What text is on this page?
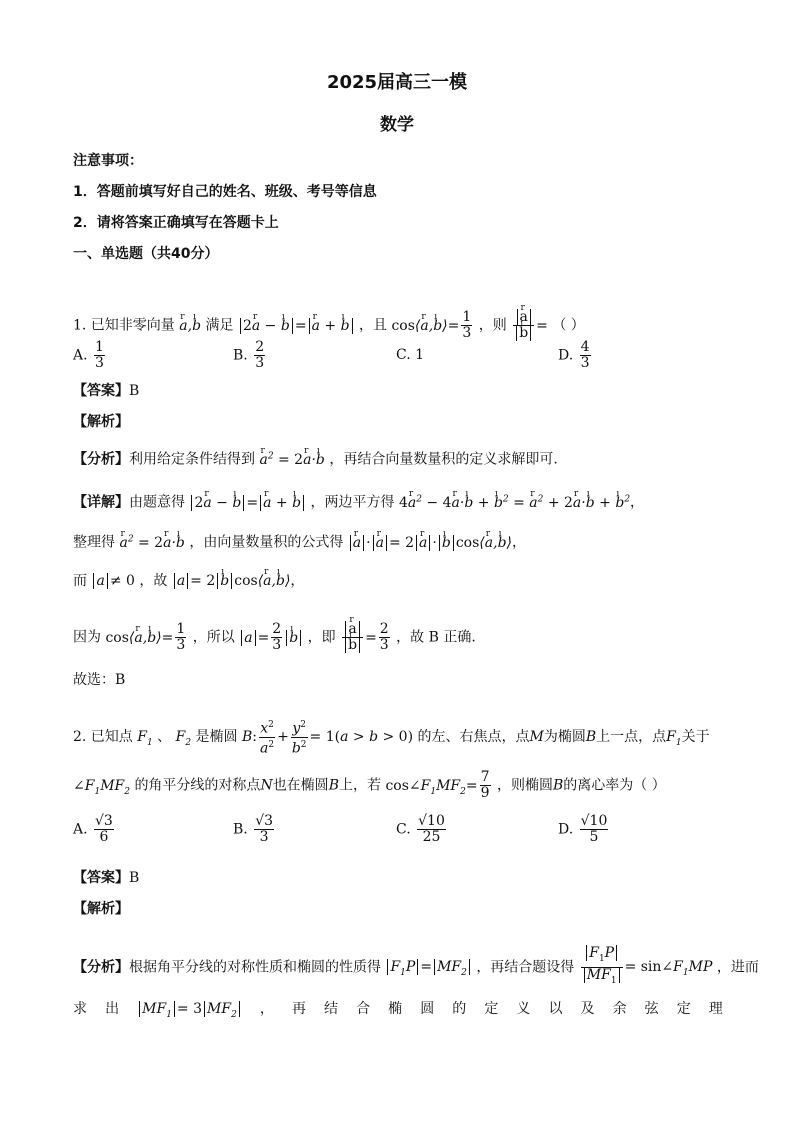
2025届高三一模
数学
注意事项：
1．答题前填写好自己的姓名、班级、考号等信息
2．请将答案正确填写在答题卡上
一、单选题（共40分）
1. 已知非零向量 r a,ı b 满足 2r a − ı b = r a + ı b ，且 cos⟨r a,ı b⟩= $\frac{1}{3}$ ，则 r a
ı b = （ ）
A. $\frac{1}{3}$	B. $\frac{2}{3}$	C. 1	D. $\frac{4}{3}$
【答案】B
【解析】
【分析】利用给定条件结得到 r $a^2 = 2r$ a·ı b ，再结合向量数量积的定义求解即可.
【详解】由题意得 2r a − ı b = r a + ı b ，两边平方得 4r $a^2 - 4r$ a·ı b + ı $b^2 = r$ $a^2 + 2r$ a·ı b + ı $b^2$，
整理得 r $a^2 = 2r$ a·ı b ，由向量数量积的公式得 r a · r a = 2 r a · ı b cos⟨r a,ı b⟩，
而 a ≠ 0 ，故 a = 2 ı b cos⟨r a,ı b⟩，
因为 cos⟨r a,ı b⟩= $\frac{1}{3}$ ，所以 $a = \frac{2}{3}$ ı b ，即 r a
ı $b = \frac{2}{3}$ ，故 B 正确.
故选：B
2. 已知点 $F_1$ 、 $F_2$ 是椭圆 B: $\frac{x^2}{a^2} + \frac{y^2}{b^2} = 1(a > b > 0)$ 的左、右焦点，点M为椭圆B上一点，点$F_1$关于
$\angle F_1MF_2$ 的角平分线的对称点N也在椭圆B上，若 $\cos\angle F_1MF_2= \frac{7}{9}$ ，则椭圆B的离心率为（ ）
A. $\frac{√3}{6}$	B. $\frac{√3}{3}$	C. $\frac{√10}{25}$	D. $\frac{√10}{5}$
【答案】B
【解析】
【分析】根据角平分线的对称性质和椭圆的性质得 $F_1P = MF_2$ ，再结合题设得 $\frac{F_1P}{MF_1}$ = $\sin\angle F_1MP$ ，进而
求 出	$MF_1 = 3$ $MF_2$	， 再 结 合 椭 圆 的 定 义 以 及 余 弦 定 理
